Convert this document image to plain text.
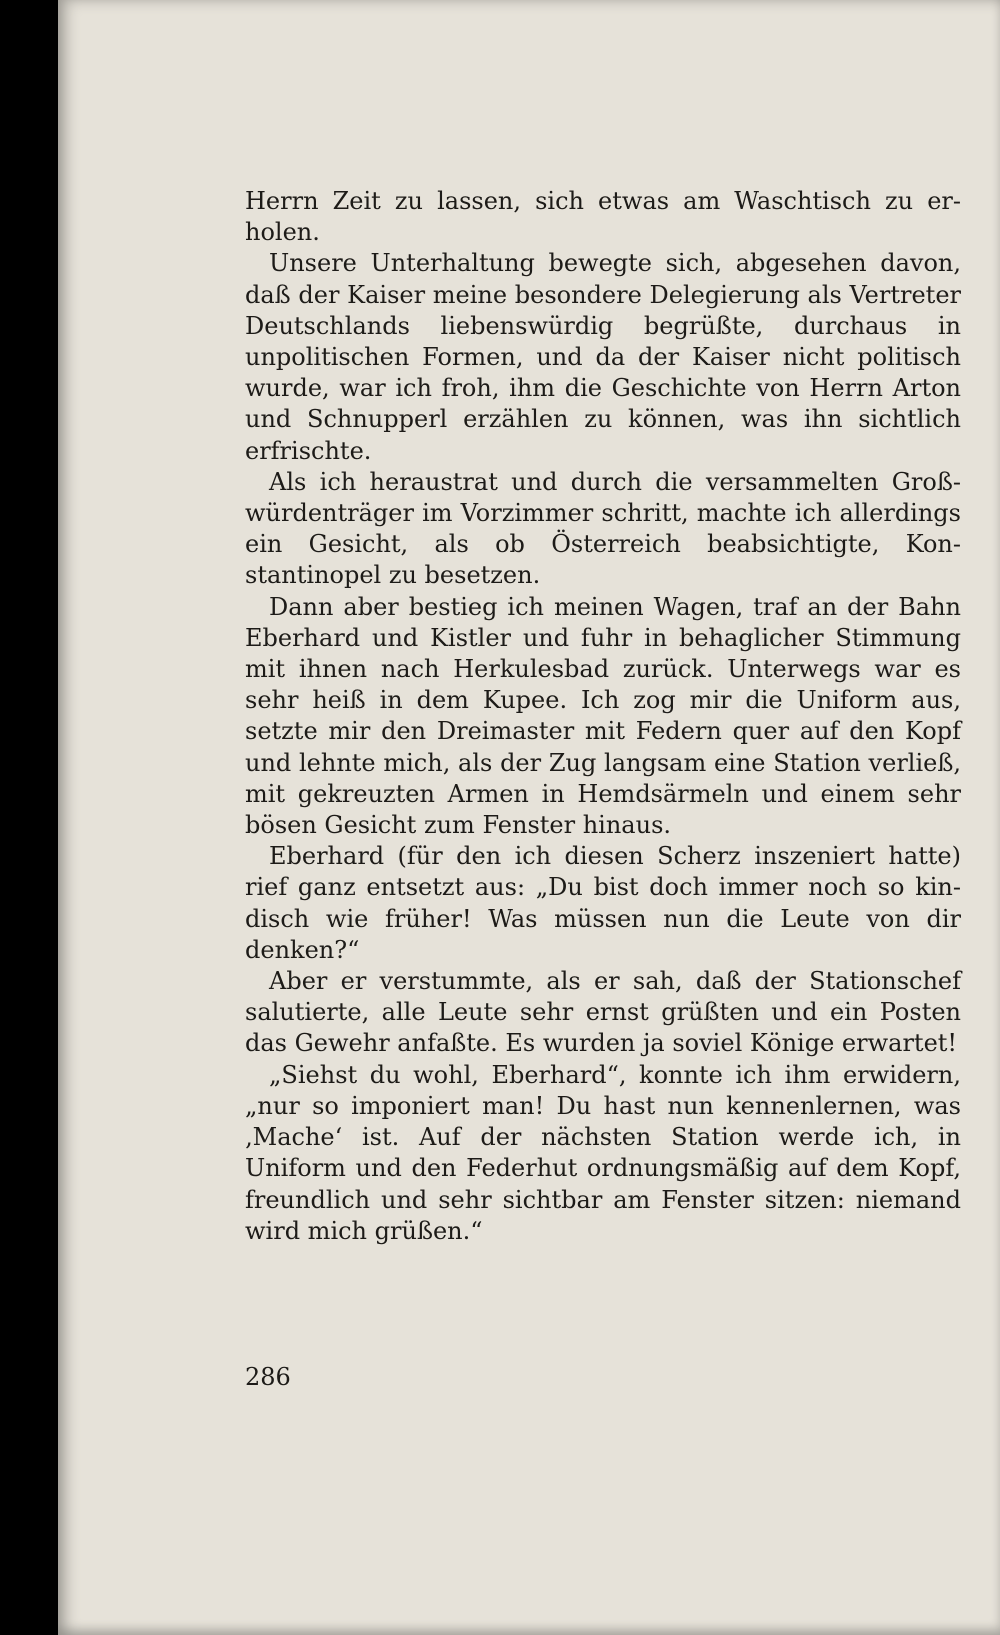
Herrn Zeit zu lassen, sich etwas am Waschtisch zu erholen.

Unsere Unterhaltung bewegte sich, abgesehen davon, daß der Kaiser meine besondere Delegierung als Vertreter Deutschlands liebenswürdig begrüßte, durchaus in unpolitischen Formen, und da der Kaiser nicht politisch wurde, war ich froh, ihm die Geschichte von Herrn Arton und Schnupperl erzählen zu können, was ihn sichtlich erfrischte.

Als ich heraustrat und durch die versammelten Großwürdenträger im Vorzimmer schritt, machte ich allerdings ein Gesicht, als ob Österreich beabsichtigte, Konstantinopel zu besetzen.

Dann aber bestieg ich meinen Wagen, traf an der Bahn Eberhard und Kistler und fuhr in behaglicher Stimmung mit ihnen nach Herkulesbad zurück. Unterwegs war es sehr heiß in dem Kupee. Ich zog mir die Uniform aus, setzte mir den Dreimaster mit Federn quer auf den Kopf und lehnte mich, als der Zug langsam eine Station verließ, mit gekreuzten Armen in Hemdsärmeln und einem sehr bösen Gesicht zum Fenster hinaus.

Eberhard (für den ich diesen Scherz inszeniert hatte) rief ganz entsetzt aus: „Du bist doch immer noch so kindisch wie früher! Was müssen nun die Leute von dir denken?“

Aber er verstummte, als er sah, daß der Stationschef salutierte, alle Leute sehr ernst grüßten und ein Posten das Gewehr anfaßte. Es wurden ja soviel Könige erwartet!

„Siehst du wohl, Eberhard“, konnte ich ihm erwidern, „nur so imponiert man! Du hast nun kennenlernen, was ‚Mache‘ ist. Auf der nächsten Station werde ich, in Uniform und den Federhut ordnungsmäßig auf dem Kopf, freundlich und sehr sichtbar am Fenster sitzen: niemand wird mich grüßen.“

286
